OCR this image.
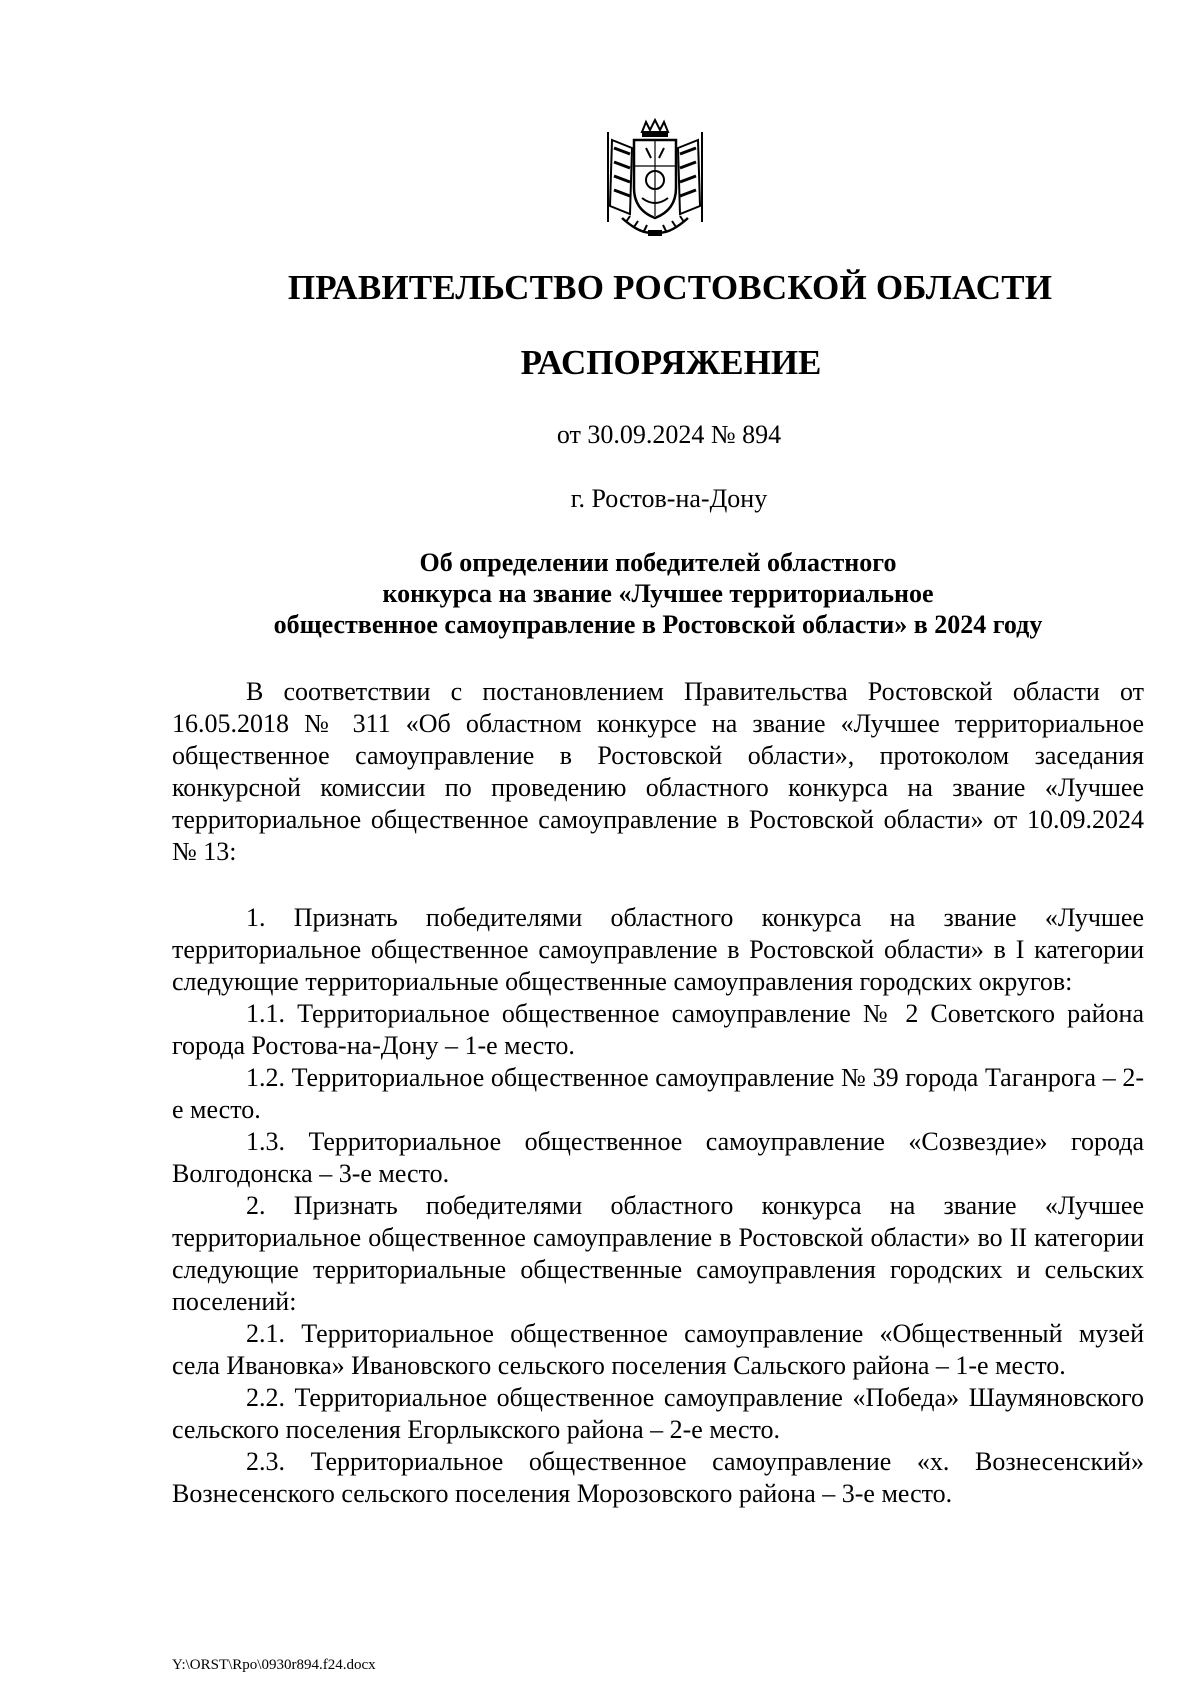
ПРАВИТЕЛЬСТВО РОСТОВСКОЙ ОБЛАСТИ
РАСПОРЯЖЕНИЕ
от 30.09.2024 № 894
г. Ростов-на-Дону
Об определении победителей областного
конкурса на звание «Лучшее территориальное
общественное самоуправление в Ростовской области» в 2024 году

В соответствии с постановлением Правительства Ростовской области от 16.05.2018 № 311 «Об областном конкурсе на звание «Лучшее территориальное общественное самоуправление в Ростовской области», протоколом заседания конкурсной комиссии по проведению областного конкурса на звание «Лучшее территориальное общественное самоуправление в Ростовской области» от 10.09.2024 № 13:

1. Признать победителями областного конкурса на звание «Лучшее территориальное общественное самоуправление в Ростовской области» в I категории следующие территориальные общественные самоуправления городских округов:

1.1. Территориальное общественное самоуправление № 2 Советского района города Ростова-на-Дону – 1-е место.

1.2. Территориальное общественное самоуправление № 39 города Таганрога – 2-е место.

1.3. Территориальное общественное самоуправление «Созвездие» города Волгодонска – 3-е место.

2. Признать победителями областного конкурса на звание «Лучшее территориальное общественное самоуправление в Ростовской области» во II категории следующие территориальные общественные самоуправления городских и сельских поселений:

2.1. Территориальное общественное самоуправление «Общественный музей села Ивановка» Ивановского сельского поселения Сальского района – 1-е место.

2.2. Территориальное общественное самоуправление «Победа» Шаумяновского сельского поселения Егорлыкского района – 2-е место.

2.3. Территориальное общественное самоуправление «х. Вознесенский» Вознесенского сельского поселения Морозовского района – 3-е место.

Y:\ORST\Rpo\0930r894.f24.docx
